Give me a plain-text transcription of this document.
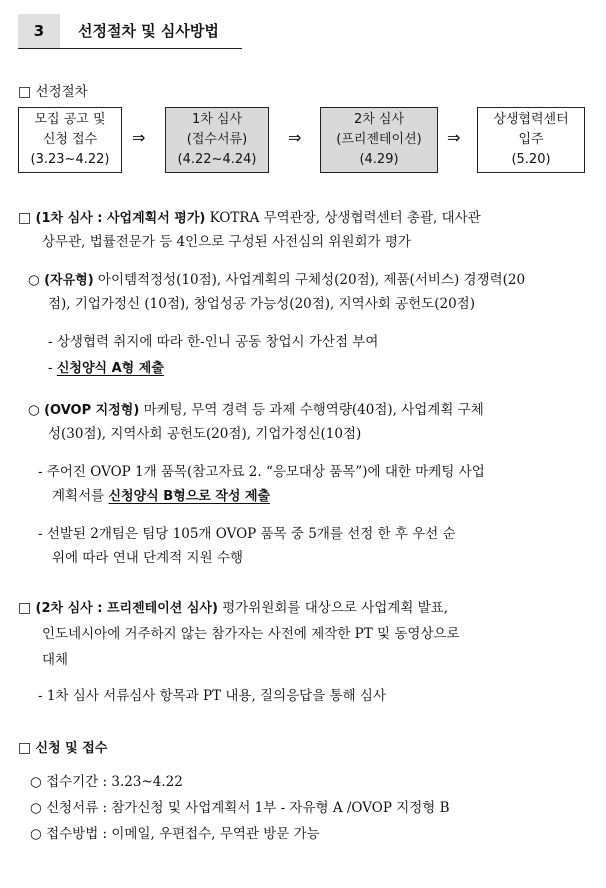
3	선정절차 및 심사방법
□ 선정절차
모집 공고 및
신청 접수
(3.23~4.22)
⇒
1차 심사
(접수서류)
(4.22~4.24)
⇒
2차 심사
(프리젠테이션)
(4.29)
⇒
상생협력센터
입주
(5.20)
□ (1차 심사 : 사업계획서 평가) KOTRA 무역관장, 상생협력센터 총괄, 대사관
상무관, 법률전문가 등 4인으로 구성된 사전심의 위원회가 평가
○ (자유형) 아이템적정성(10점), 사업계획의 구체성(20점), 제품(서비스) 경쟁력(20
점), 기업가정신 (10점), 창업성공 가능성(20점), 지역사회 공헌도(20점)
- 상생협력 취지에 따라 한-인니 공동 창업시 가산점 부여
- 신청양식 A형 제출
○ (OVOP 지정형) 마케팅, 무역 경력 등 과제 수행역량(40점), 사업계획 구체
성(30점), 지역사회 공헌도(20점), 기업가정신(10점)
- 주어진 OVOP 1개 품목(참고자료 2. “응모대상 품목”)에 대한 마케팅 사업
계획서를 신청양식 B형으로 작성 제출
- 선발된 2개팀은 팀당 105개 OVOP 품목 중 5개를 선정 한 후 우선 순
위에 따라 연내 단계적 지원 수행
□ (2차 심사 : 프리젠테이션 심사) 평가위원회를 대상으로 사업계획 발표,
인도네시아에 거주하지 않는 참가자는 사전에 제작한 PT 및 동영상으로
대체
- 1차 심사 서류심사 항목과 PT 내용, 질의응답을 통해 심사
□ 신청 및 접수
○ 접수기간 : 3.23~4.22
○ 신청서류 : 참가신청 및 사업계획서 1부 - 자유형 A /OVOP 지정형 B
○ 접수방법 : 이메일, 우편접수, 무역관 방문 가능
